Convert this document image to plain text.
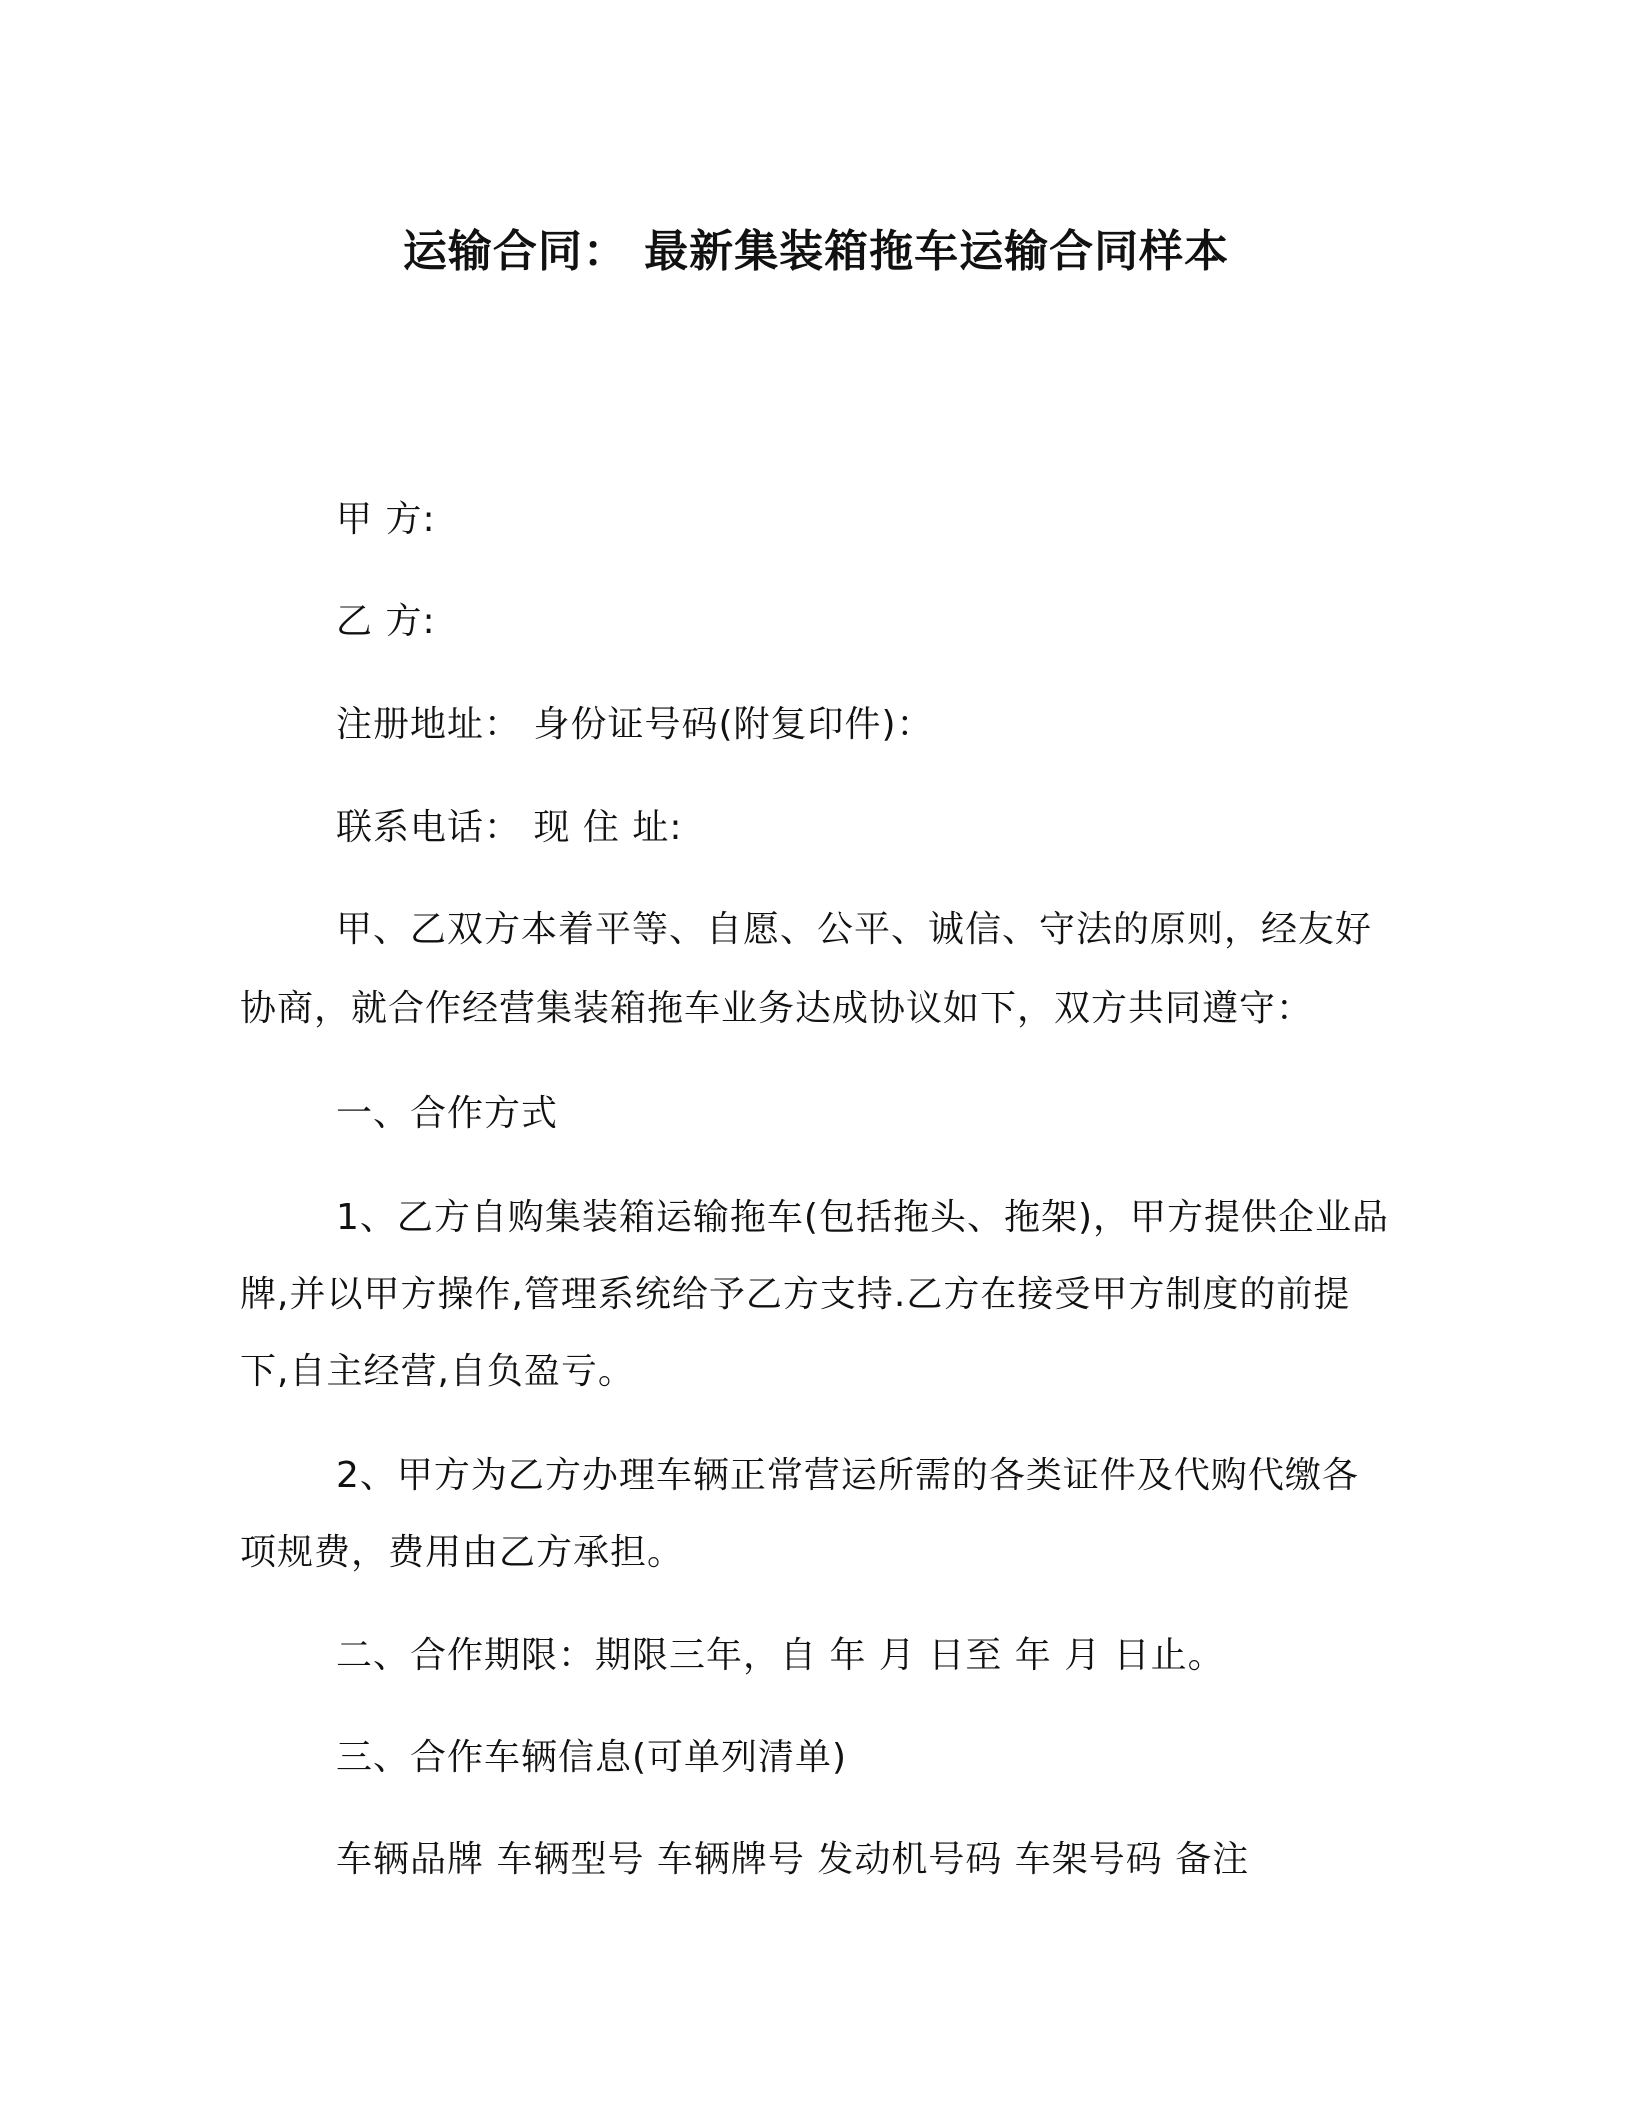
运输合同： 最新集装箱拖车运输合同样本
甲 方:
乙 方:
注册地址： 身份证号码(附复印件)：
联系电话： 现 住 址:
甲、乙双方本着平等、自愿、公平、诚信、守法的原则，经友好
协商，就合作经营集装箱拖车业务达成协议如下，双方共同遵守：
一、合作方式
1、乙方自购集装箱运输拖车(包括拖头、拖架)，甲方提供企业品
牌,并以甲方操作,管理系统给予乙方支持.乙方在接受甲方制度的前提
下,自主经营,自负盈亏。
2、甲方为乙方办理车辆正常营运所需的各类证件及代购代缴各
项规费，费用由乙方承担。
二、合作期限：期限三年，自 年 月 日至 年 月 日止。
三、合作车辆信息(可单列清单)
车辆品牌 车辆型号 车辆牌号 发动机号码 车架号码 备注
